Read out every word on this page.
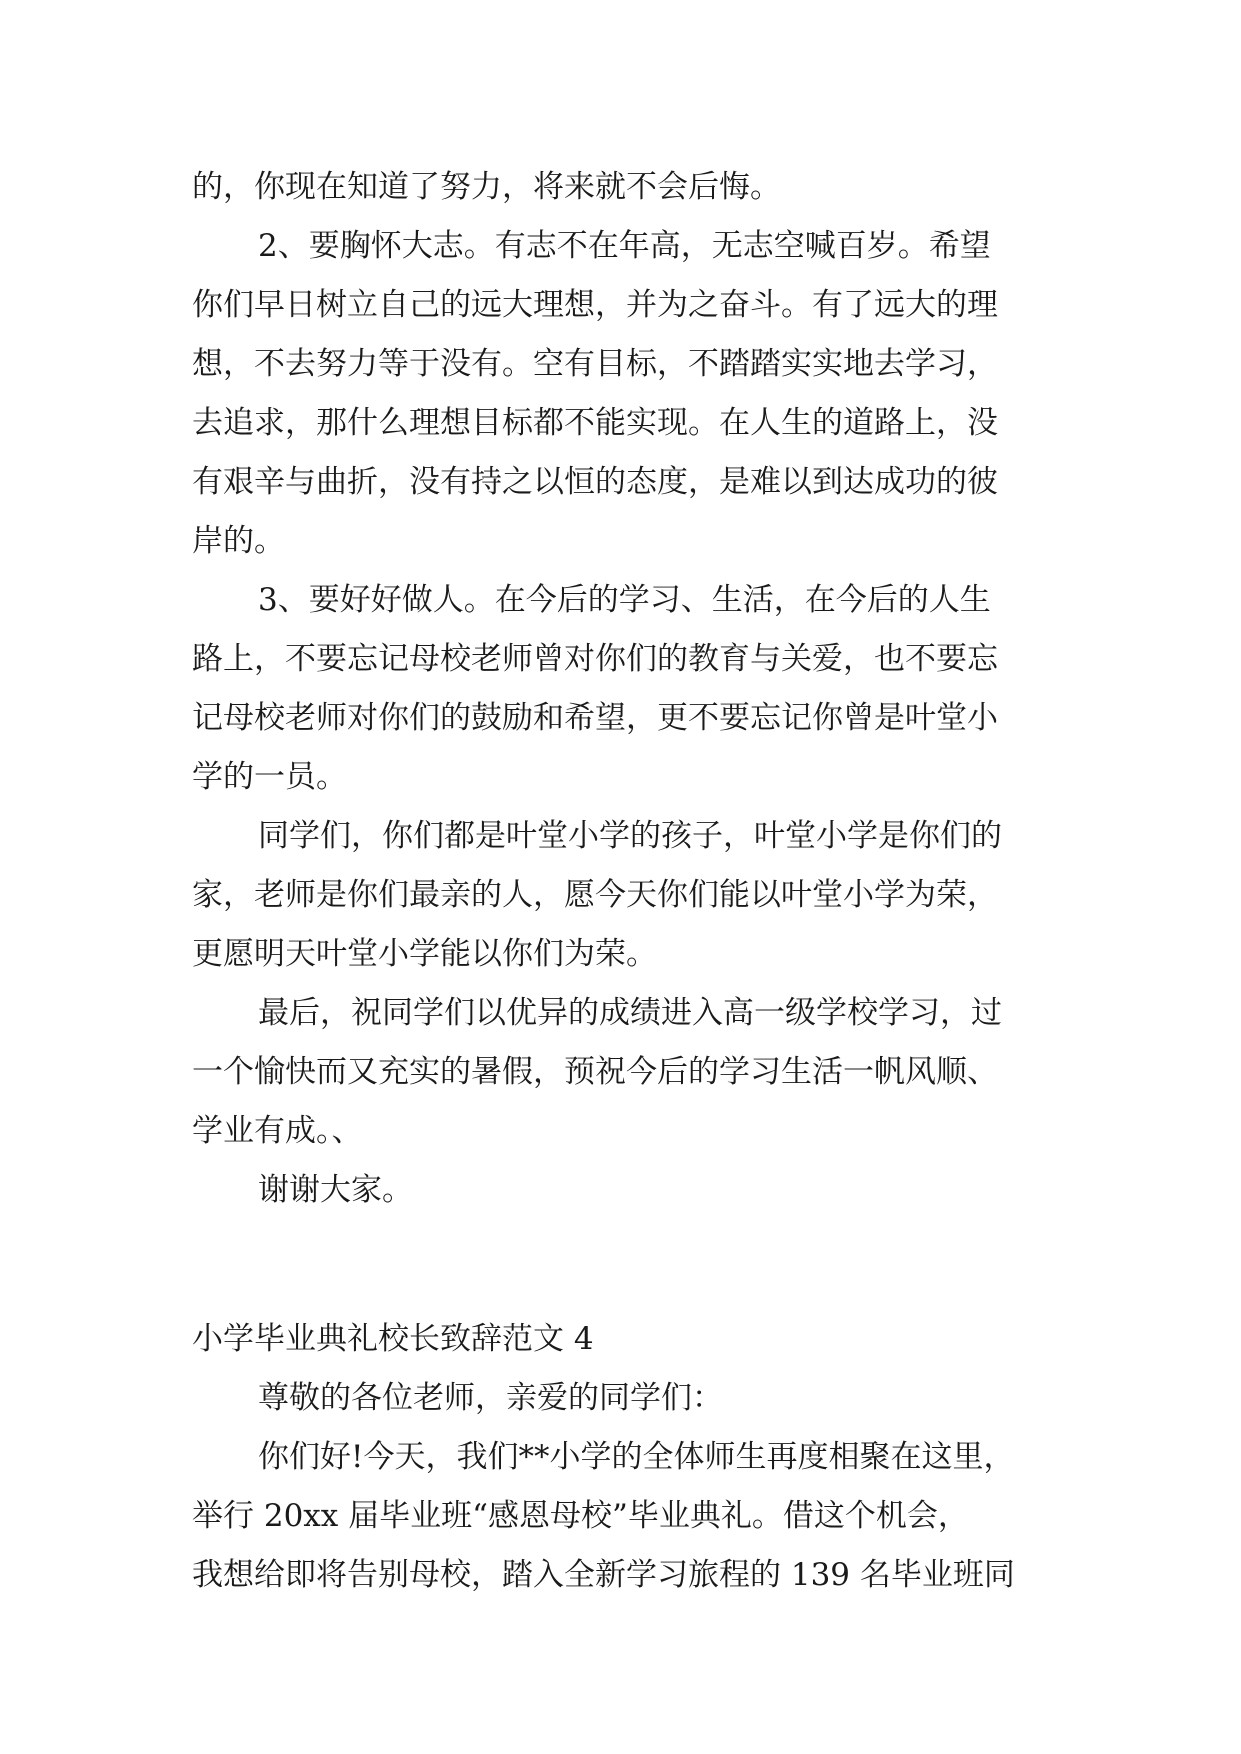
的，你现在知道了努力，将来就不会后悔。
2、要胸怀大志。有志不在年高，无志空喊百岁。希望
你们早日树立自己的远大理想，并为之奋斗。有了远大的理
想，不去努力等于没有。空有目标，不踏踏实实地去学习，
去追求，那什么理想目标都不能实现。在人生的道路上，没
有艰辛与曲折，没有持之以恒的态度，是难以到达成功的彼
岸的。
3、要好好做人。在今后的学习、生活，在今后的人生
路上，不要忘记母校老师曾对你们的教育与关爱，也不要忘
记母校老师对你们的鼓励和希望，更不要忘记你曾是叶堂小
学的一员。
同学们，你们都是叶堂小学的孩子，叶堂小学是你们的
家，老师是你们最亲的人，愿今天你们能以叶堂小学为荣，
更愿明天叶堂小学能以你们为荣。
最后，祝同学们以优异的成绩进入高一级学校学习，过
一个愉快而又充实的暑假，预祝今后的学习生活一帆风顺、
学业有成。、
谢谢大家。
小学毕业典礼校长致辞范文 4
尊敬的各位老师，亲爱的同学们：
你们好!今天，我们**小学的全体师生再度相聚在这里，
举行 20xx 届毕业班“感恩母校”毕业典礼。借这个机会，
我想给即将告别母校，踏入全新学习旅程的 139 名毕业班同
